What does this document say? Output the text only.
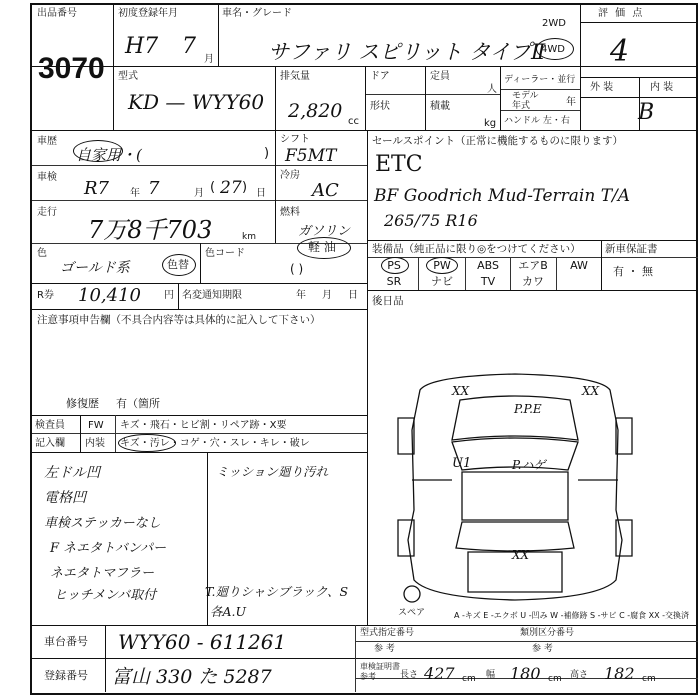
出品番号
3070
初度登録年月
H7 7
月
車名・グレード
サファリ スピリット タイプⅡ
2WD
4WD
評 価 点
4
外 装	内 装
B
型式
KD — WYY60
排気量
2,820 cc
ドア	定員
人
形状	積載
kg
ディーラー・並行
モデル 年式	年
ハンドル 左・右
車歴
自家用・(	)
シフト
F5MT
車検
R7 年 7	月 ( 27 ) 日
冷房
AC
走行
7万8千703	km
燃料
ガソリン
軽 油
( )
色
ゴールド系	色替
色コード
R券 10,410 円 名変通知期限	年 月 日
セールスポイント（正常に機能するものに限ります）
ETC
BF Goodrich Mud-Terrain T/A
265/75 R16
装備品（純正品に限り◎をつけてください）
PS	PW	ABS	エアB	AW
SR	ナビ	TV	カワ
新車保証書
有 ・ 無
後日品
注意事項申告欄（不具合内容等は具体的に記入して下さい）
修復歴 有（箇所
検査員
記入欄
FW キズ・飛石・ヒビ割・リペア跡・X要
内装 キズ・汚レ・コゲ・穴・スレ・キレ・破レ
左ドル凹
電格凹
車検ステッカーなし
F ネエタトバンパー
ネエタトマフラー
ヒッチメンバ取付
ミッション廻り汚れ
T.廻りシャシブラック、S
各A.U
XX	XX
P.P.E
U1	P.ハゲ
XX
スペア	A ‑キズ E ‑エクボ U ‑凹み W ‑補修跡 S ‑サビ C ‑腐食 XX ‑交換済
車台番号 WYY60 - 611261
登録番号 富山 330 た 5287
型式指定番号
参 考
類別区分番号
参 考
車検証明書 参考	長さ 427 cm 幅 180 cm 高さ 182 cm
